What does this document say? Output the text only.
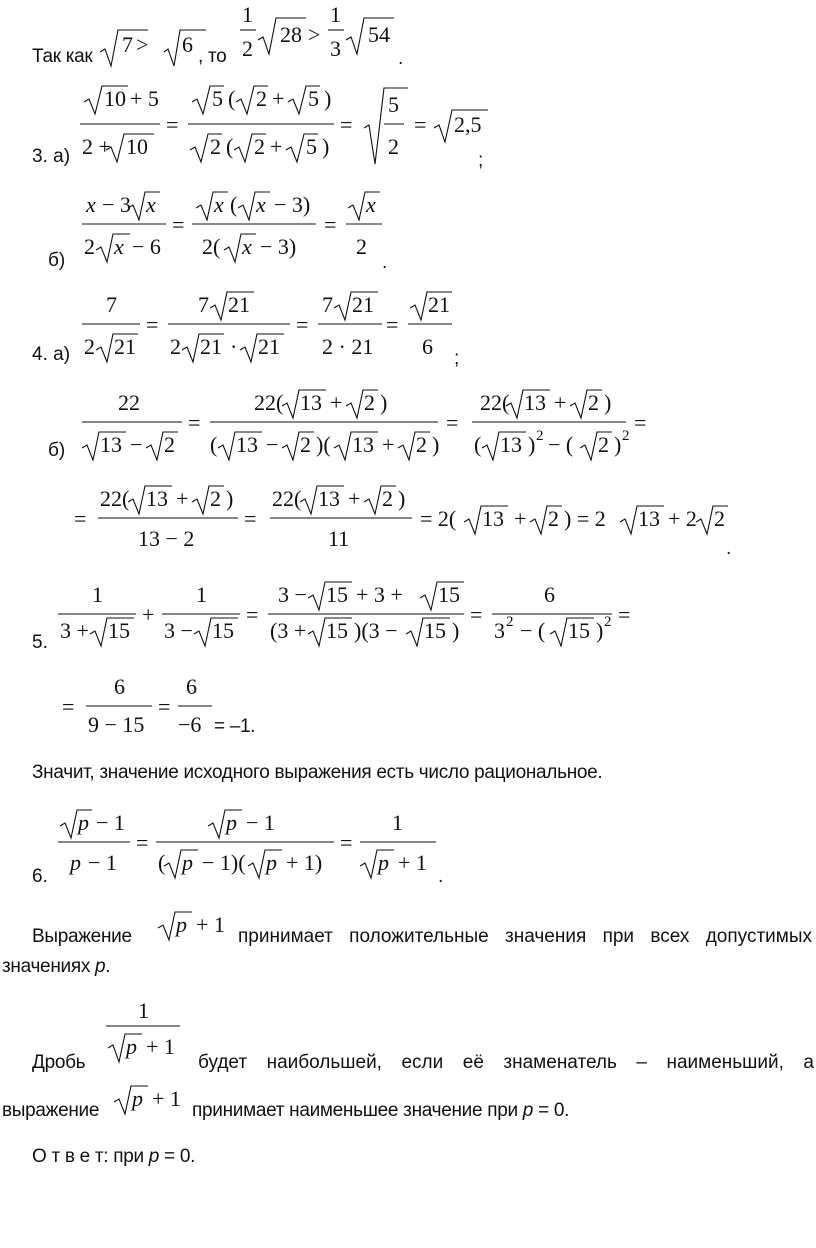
Так как 7 > 6 , то
1
2
28 >
1
3
54
.
3. а)
10 + 5
2 + 10
=
5 ( 2 + 5 )
2 ( 2 + 5 )
=
5
2
= 2,5
;
б)
x − 3 x
2 x − 6
=
x ( x − 3)
2( x − 3)
=
x
2
.
4. а)
7
2 21
=
7 21
2 21 · 21
=
7 21
2 · 21
=
21
6 ;
б)
22
13 − 2
=
22( 13 + 2 )
( 13 − 2 )( 13 + 2 )
=
22( 13 + 2 )
( 13 ) 2 − ( 2 ) 2
=
=
22( 13 + 2 )
13 − 2
=
22( 13 + 2 )
11
= 2( 13 + 2 ) = 2 13 + 2 2
.
5.
1
3 + 15
+
1
3 − 15
=
3 − 15 + 3 + 15
(3 + 15 )(3 − 15 )
=
6
3 2 − ( 15 ) 2 =
=
6
9 − 15
=
6
−6 = –1.
Значит, значение исходного выражения есть число рациональное.
6.
p − 1
p − 1
=
p − 1
( p − 1)( p + 1)
=
1
p + 1
.
Выражение p + 1 принимает положительные значения при всех допустимых
значениях p.
Дробь
1
p + 1
будет наибольшей, если её знаменатель – наименьший, а
выражение p + 1 принимает наименьшее значение при p = 0.
О т в е т: при p = 0.
